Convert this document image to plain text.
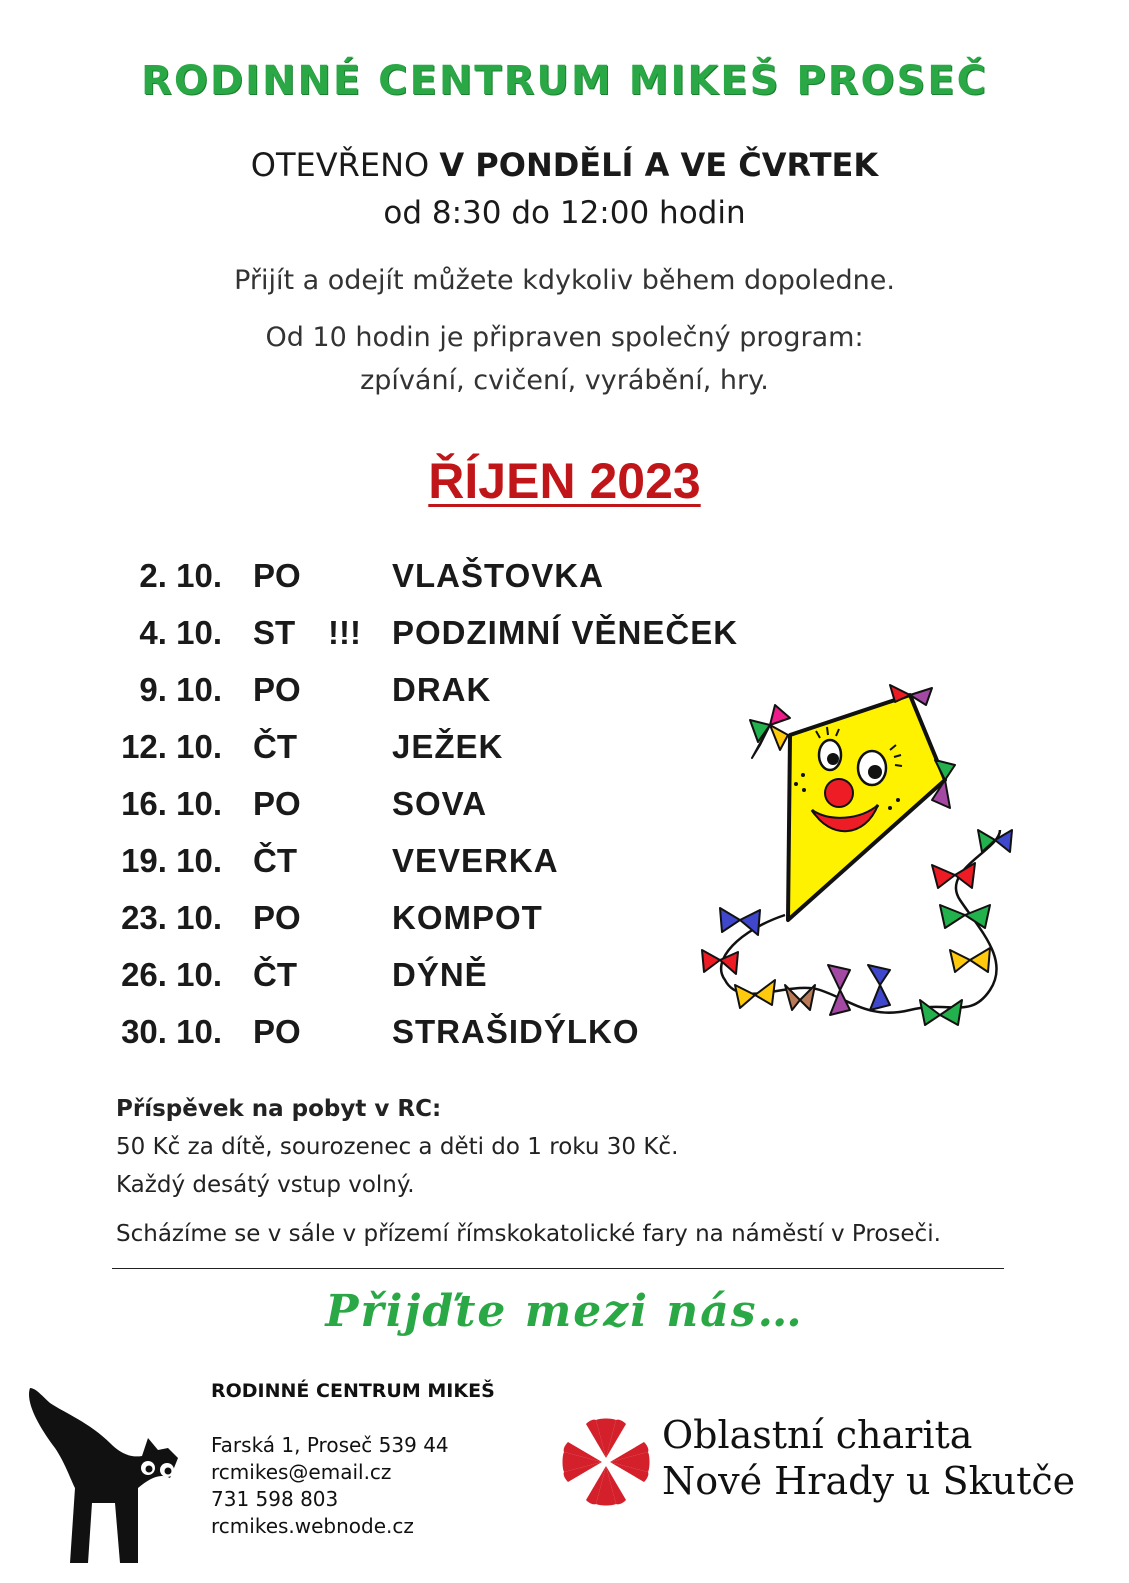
RODINNÉ CENTRUM MIKEŠ PROSEČ
OTEVŘENO V PONDĚLÍ A VE ČVRTEK
od 8:30 do 12:00 hodin
Přijít a odejít můžete kdykoliv během dopoledne.
Od 10 hodin je připraven společný program:
zpívání, cvičení, vyrábění, hry.
ŘÍJEN 2023
2. 10. PO	VLAŠTOVKA
4. 10. ST !!! PODZIMNÍ VĚNEČEK
9. 10. PO	DRAK
12. 10. ČT	JEŽEK
16. 10. PO	SOVA
19. 10. ČT	VEVERKA
23. 10. PO	KOMPOT
26. 10. ČT	DÝNĚ
30. 10. PO	STRAŠIDÝLKO
Příspěvek na pobyt v RC:
50 Kč za dítě, sourozenec a děti do 1 roku 30 Kč.
Každý desátý vstup volný.
Scházíme se v sále v přízemí římskokatolické fary na náměstí v Proseči.
Přijďte mezi nás…
RODINNÉ CENTRUM MIKEŠ
Farská 1, Proseč 539 44
rcmikes@email.cz
731 598 803
rcmikes.webnode.cz
Oblastní charita
Nové Hrady u Skutče
